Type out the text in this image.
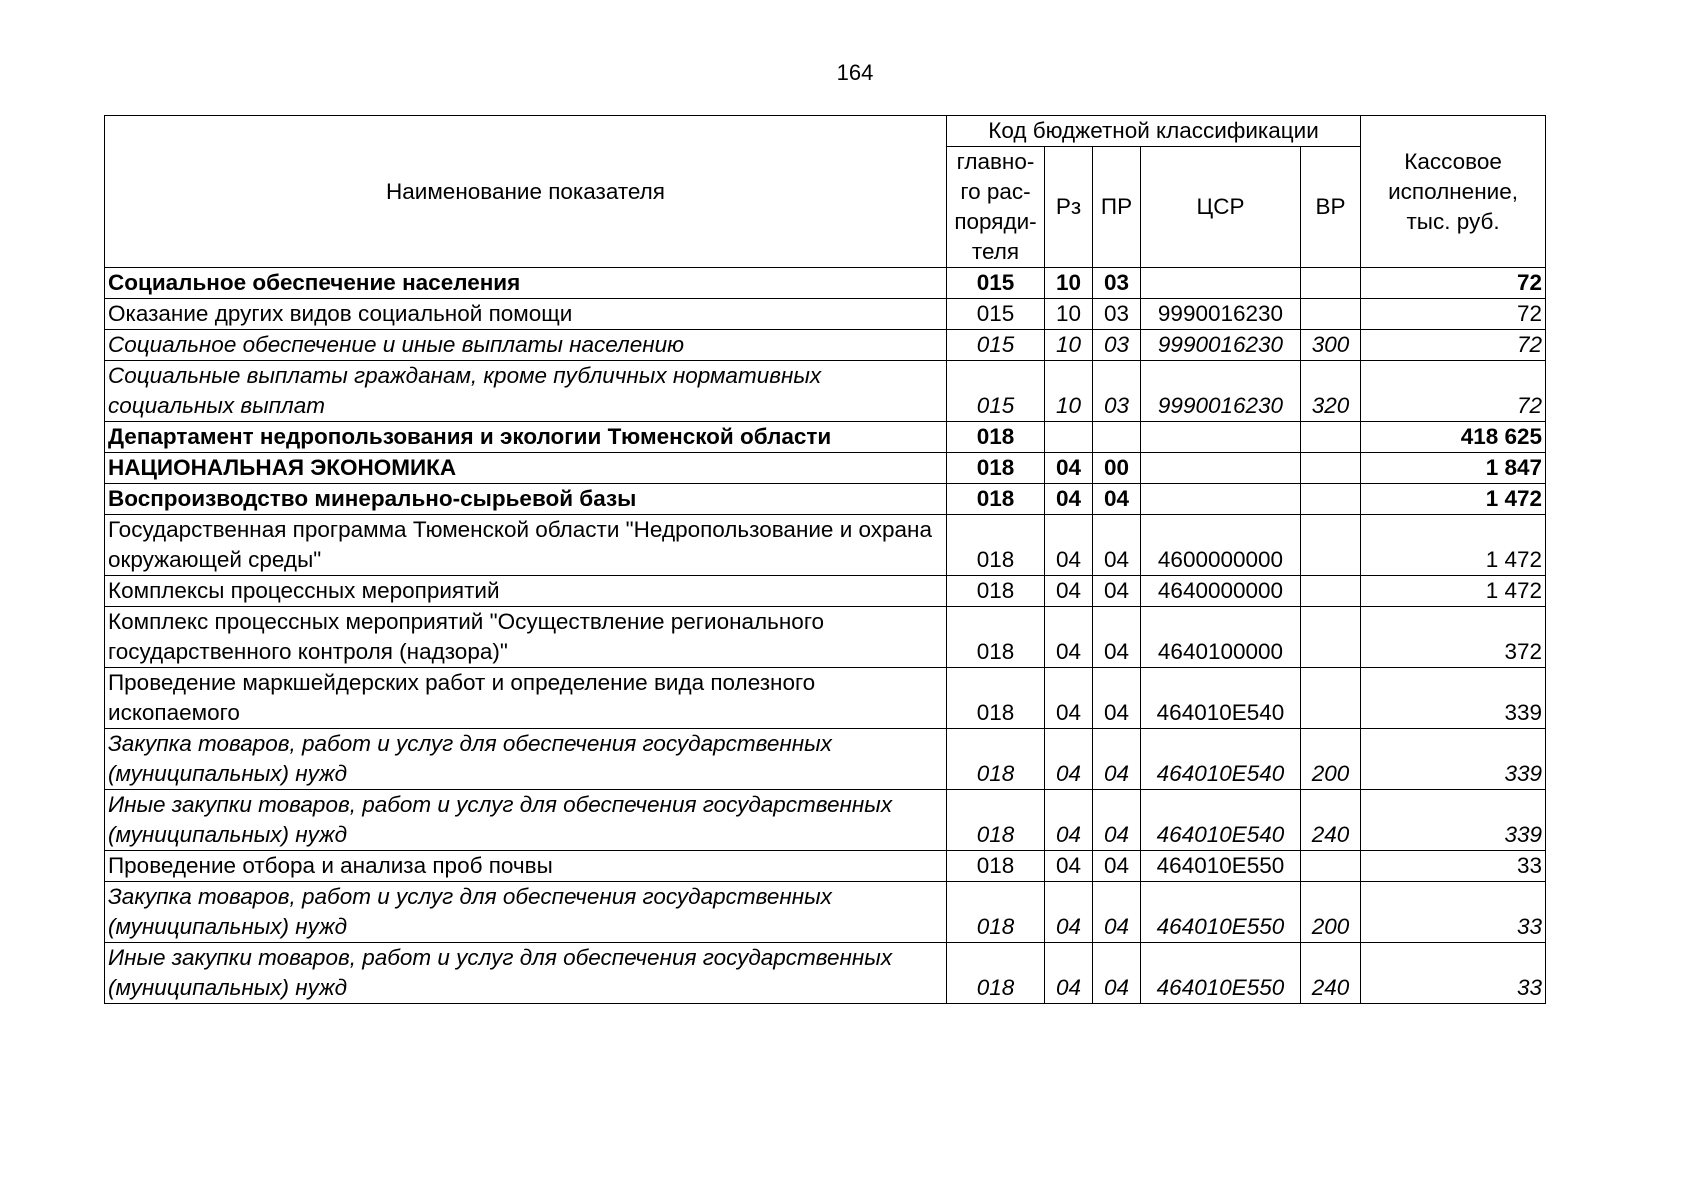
164
Наименование показателя	Код бюджетной классификации					Кассовое исполнение, тыс. руб.
	главно-го рас-поряди-теля	Рз	ПР	ЦСР	ВР	
Социальное обеспечение населения	015	10	03			72
Оказание других видов социальной помощи	015	10	03	9990016230		72
Социальное обеспечение и иные выплаты населению	015	10	03	9990016230	300	72
Социальные выплаты гражданам, кроме публичных нормативных социальных выплат	015	10	03	9990016230	320	72
Департамент недропользования и экологии Тюменской области	018					418 625
НАЦИОНАЛЬНАЯ ЭКОНОМИКА	018	04	00			1 847
Воспроизводство минерально-сырьевой базы	018	04	04			1 472
Государственная программа Тюменской области "Недропользование и охрана окружающей среды"	018	04	04	4600000000		1 472
Комплексы процессных мероприятий	018	04	04	4640000000		1 472
Комплекс процессных мероприятий "Осуществление регионального государственного контроля (надзора)"	018	04	04	4640100000		372
Проведение маркшейдерских работ и определение вида полезного ископаемого	018	04	04	464010Е540		339
Закупка товаров, работ и услуг для обеспечения государственных (муниципальных) нужд	018	04	04	464010Е540	200	339
Иные закупки товаров, работ и услуг для обеспечения государственных (муниципальных) нужд	018	04	04	464010Е540	240	339
Проведение отбора и анализа проб почвы	018	04	04	464010Е550		33
Закупка товаров, работ и услуг для обеспечения государственных (муниципальных) нужд	018	04	04	464010Е550	200	33
Иные закупки товаров, работ и услуг для обеспечения государственных (муниципальных) нужд	018	04	04	464010Е550	240	33
